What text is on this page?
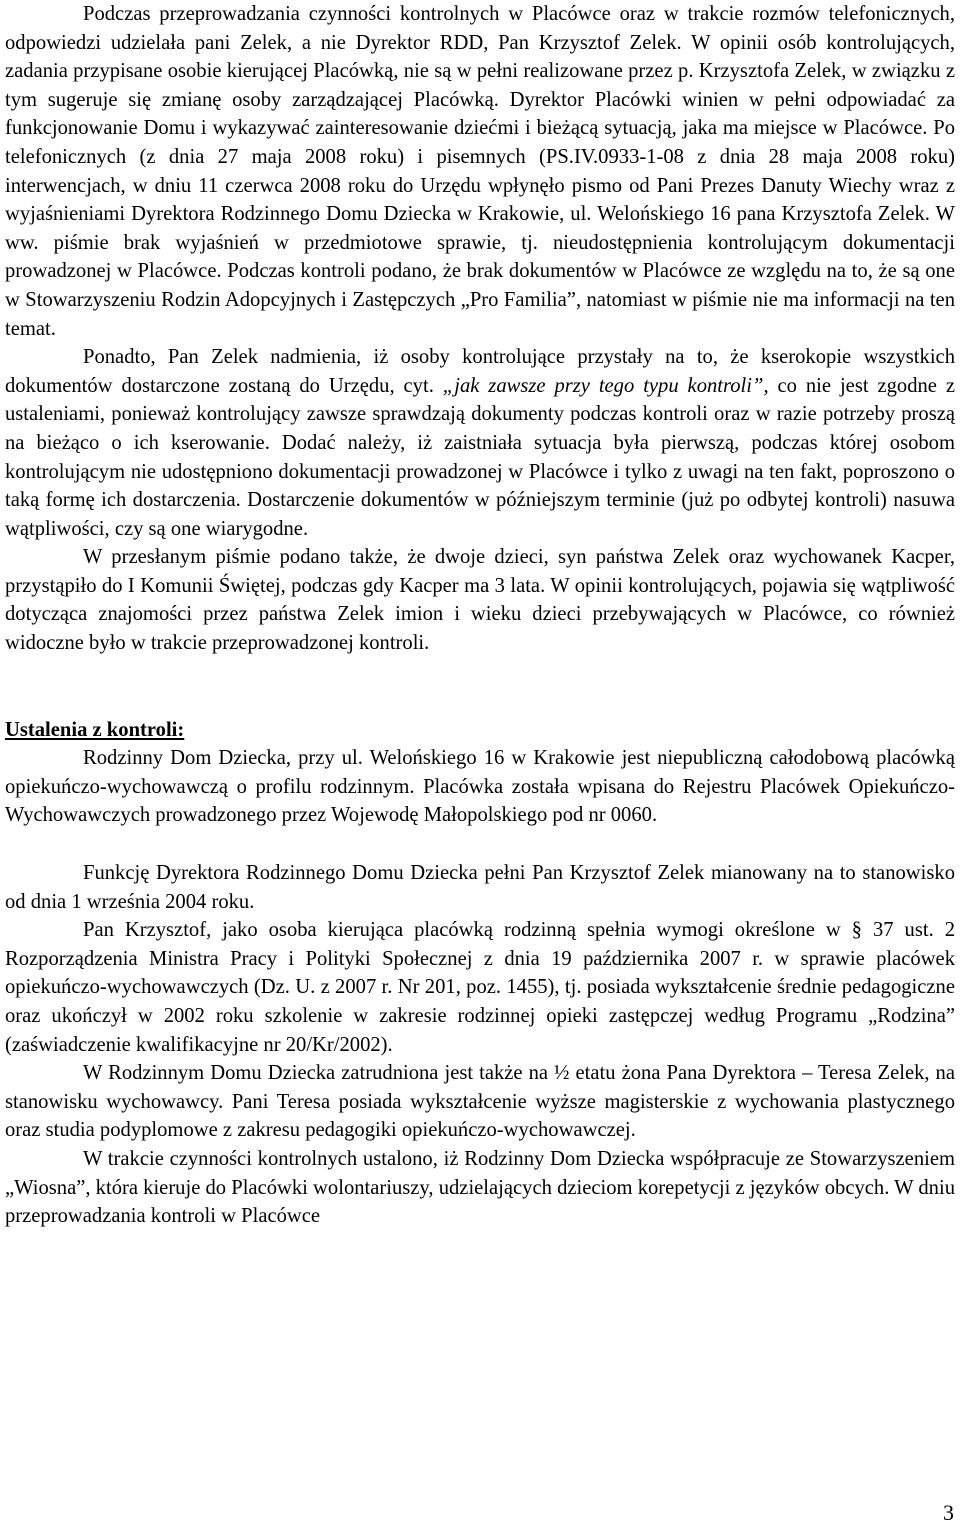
Podczas przeprowadzania czynności kontrolnych w Placówce oraz w trakcie rozmów telefonicznych, odpowiedzi udzielała pani Zelek, a nie Dyrektor RDD, Pan Krzysztof Zelek. W opinii osób kontrolujących, zadania przypisane osobie kierującej Placówką, nie są w pełni realizowane przez p. Krzysztofa Zelek, w związku z tym sugeruje się zmianę osoby zarządzającej Placówką. Dyrektor Placówki winien w pełni odpowiadać za funkcjonowanie Domu i wykazywać zainteresowanie dziećmi i bieżącą sytuacją, jaka ma miejsce w Placówce. Po telefonicznych (z dnia 27 maja 2008 roku) i pisemnych (PS.IV.0933-1-08 z dnia 28 maja 2008 roku) interwencjach, w dniu 11 czerwca 2008 roku do Urzędu wpłynęło pismo od Pani Prezes Danuty Wiechy wraz z wyjaśnieniami Dyrektora Rodzinnego Domu Dziecka w Krakowie, ul. Welońskiego 16 pana Krzysztofa Zelek. W ww. piśmie brak wyjaśnień w przedmiotowe sprawie, tj. nieudostępnienia kontrolującym dokumentacji prowadzonej w Placówce. Podczas kontroli podano, że brak dokumentów w Placówce ze względu na to, że są one w Stowarzyszeniu Rodzin Adopcyjnych i Zastępczych „Pro Familia”, natomiast w piśmie nie ma informacji na ten temat.

Ponadto, Pan Zelek nadmienia, iż osoby kontrolujące przystały na to, że kserokopie wszystkich dokumentów dostarczone zostaną do Urzędu, cyt. „jak zawsze przy tego typu kontroli”, co nie jest zgodne z ustaleniami, ponieważ kontrolujący zawsze sprawdzają dokumenty podczas kontroli oraz w razie potrzeby proszą na bieżąco o ich kserowanie. Dodać należy, iż zaistniała sytuacja była pierwszą, podczas której osobom kontrolującym nie udostępniono dokumentacji prowadzonej w Placówce i tylko z uwagi na ten fakt, poproszono o taką formę ich dostarczenia. Dostarczenie dokumentów w późniejszym terminie (już po odbytej kontroli) nasuwa wątpliwości, czy są one wiarygodne.

W przesłanym piśmie podano także, że dwoje dzieci, syn państwa Zelek oraz wychowanek Kacper, przystąpiło do I Komunii Świętej, podczas gdy Kacper ma 3 lata. W opinii kontrolujących, pojawia się wątpliwość dotycząca znajomości przez państwa Zelek imion i wieku dzieci przebywających w Placówce, co również widoczne było w trakcie przeprowadzonej kontroli.

Ustalenia z kontroli:

Rodzinny Dom Dziecka, przy ul. Welońskiego 16 w Krakowie jest niepubliczną całodobową placówką opiekuńczo-wychowawczą o profilu rodzinnym. Placówka została wpisana do Rejestru Placówek Opiekuńczo-Wychowawczych prowadzonego przez Wojewodę Małopolskiego pod nr 0060.

Funkcję Dyrektora Rodzinnego Domu Dziecka pełni Pan Krzysztof Zelek mianowany na to stanowisko od dnia 1 września 2004 roku.

Pan Krzysztof, jako osoba kierująca placówką rodzinną spełnia wymogi określone w § 37 ust. 2 Rozporządzenia Ministra Pracy i Polityki Społecznej z dnia 19 października 2007 r. w sprawie placówek opiekuńczo-wychowawczych (Dz. U. z 2007 r. Nr 201, poz. 1455), tj. posiada wykształcenie średnie pedagogiczne oraz ukończył w 2002 roku szkolenie w zakresie rodzinnej opieki zastępczej według Programu „Rodzina” (zaświadczenie kwalifikacyjne nr 20/Kr/2002).

W Rodzinnym Domu Dziecka zatrudniona jest także na ½ etatu żona Pana Dyrektora – Teresa Zelek, na stanowisku wychowawcy. Pani Teresa posiada wykształcenie wyższe magisterskie z wychowania plastycznego oraz studia podyplomowe z zakresu pedagogiki opiekuńczo-wychowawczej.

W trakcie czynności kontrolnych ustalono, iż Rodzinny Dom Dziecka współpracuje ze Stowarzyszeniem „Wiosna”, która kieruje do Placówki wolontariuszy, udzielających dzieciom korepetycji z języków obcych. W dniu przeprowadzania kontroli w Placówce

3
